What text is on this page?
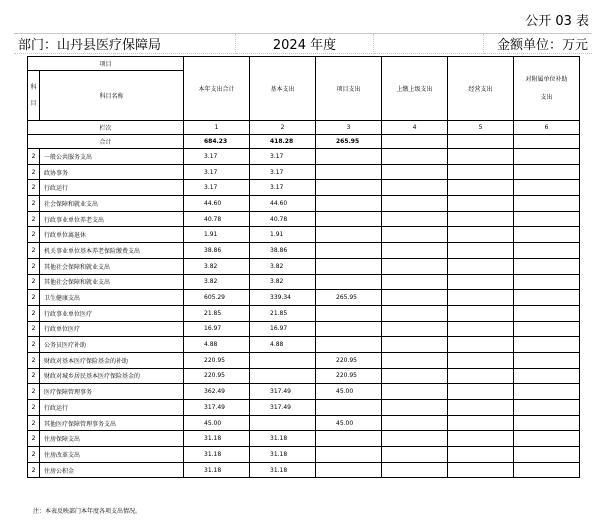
公开 03 表
部门：山丹县医疗保障局	2024 年度	金额单位：万元
项目		本年支出合计	基本支出	项目支出	上缴上级支出	经营支出	对附属单位补助
支出

科目	科目名称						
栏次		1	2	3	4	5	6
合计		684.23	418.28	265.95			
2	一般公共服务支出	3.17	3.17				
2	政协事务	3.17	3.17				
2	行政运行	3.17	3.17				
2	社会保障和就业支出	44.60	44.60				
2	行政事业单位养老支出	40.78	40.78				
2	行政单位离退休	1.91	1.91				
2	机关事业单位基本养老保险缴费支出	38.86	38.86				
2	其他社会保障和就业支出	3.82	3.82				
2	其他社会保障和就业支出	3.82	3.82				
2	卫生健康支出	605.29	339.34	265.95			
2	行政事业单位医疗	21.85	21.85				
2	行政单位医疗	16.97	16.97				
2	公务员医疗补助	4.88	4.88				
2	财政对基本医疗保险基金的补助	220.95		220.95			
2	财政对城乡居民基本医疗保险基金的	220.95		220.95			
2	医疗保障管理事务	362.49	317.49	45.00			
2	行政运行	317.49	317.49				
2	其他医疗保障管理事务支出	45.00		45.00			
2	住房保障支出	31.18	31.18				
2	住房改革支出	31.18	31.18				
2	住房公积金	31.18	31.18				
注：本表反映部门本年度各项支出情况。
